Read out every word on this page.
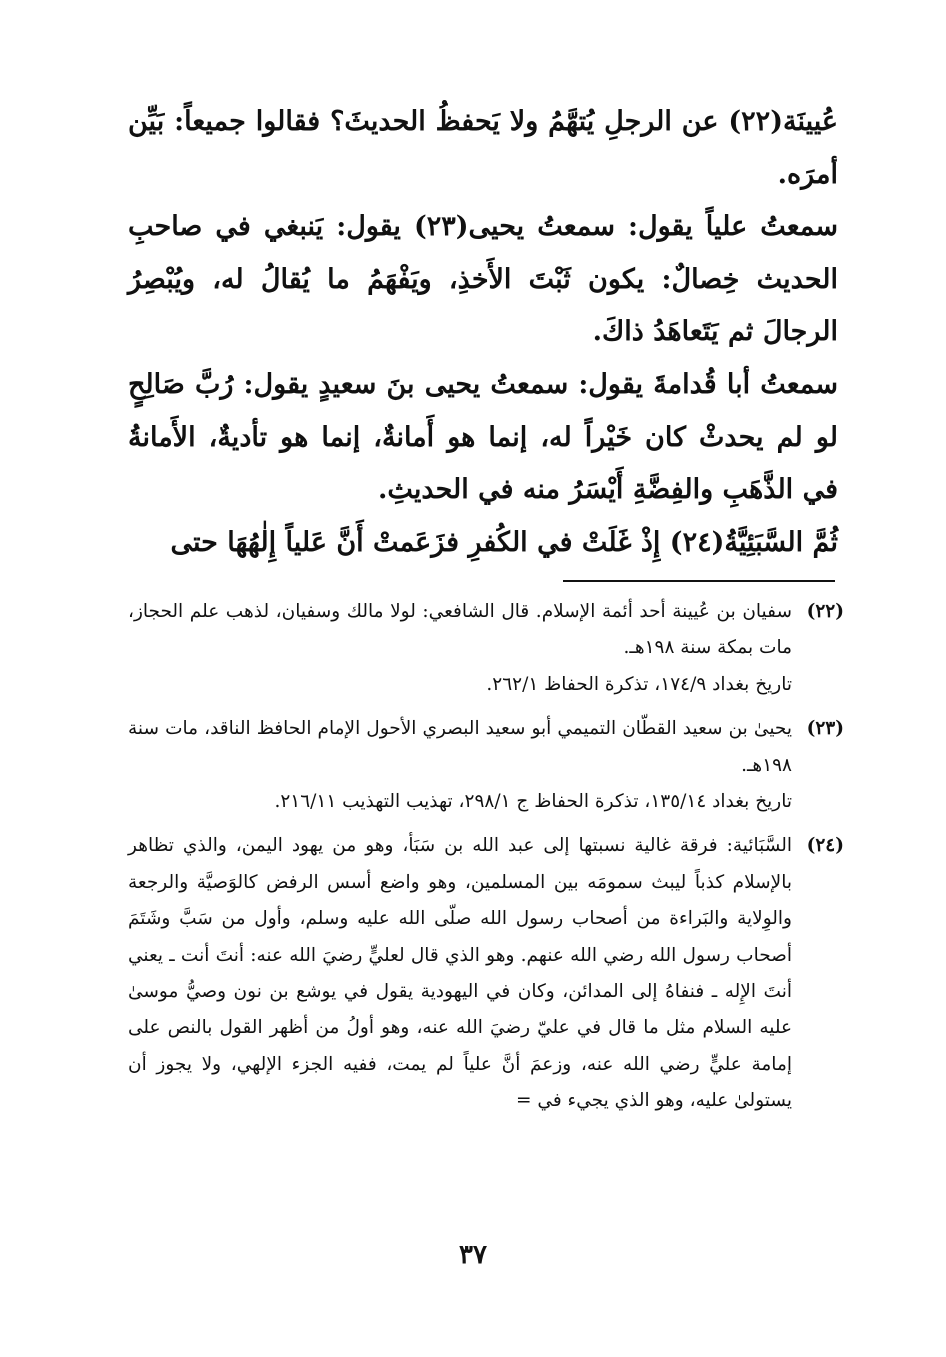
عُيينَة(٢٢) عن الرجلِ يُتهَّمُ ولا يَحفظُ الحديثَ؟ فقالوا جميعاً: بَيِّن أمرَه.

سمعتُ علياً يقول: سمعتُ يحيى(٢٣) يقول: يَنبغي في صاحبِ الحديث خِصالٌ: يكون ثَبْتَ الأَخذِ، ويَفْهَمُ ما يُقالُ له، ويُبْصِرُ الرجالَ ثم يَتَعاهَدُ ذاكَ.

سمعتُ أبا قُدامةَ يقول: سمعتُ يحيى بنَ سعيدٍ يقول: رُبَّ صَالِحٍ لو لم يحدثْ كان خَيْراً له، إنما هو أَمانةٌ، إنما هو تأديةٌ، الأَمانةُ في الذَّهَبِ والفِضَّةِ أَيْسَرُ منه في الحديثِ.

ثُمَّ السَّبَئِيَّةُ(٢٤) إِذْ غَلَتْ في الكُفرِ فزَعَمتْ أَنَّ عَلياً إِلٰهُهَا حتى

(٢٢)

سفيان بن عُيينة أحد أئمة الإسلام. قال الشافعي: لولا مالك وسفيان، لذهب علم الحجاز، مات بمكة سنة ١٩٨هـ.

تاريخ بغداد ١٧٤/٩، تذكرة الحفاظ ٢٦٢/١.

(٢٣)

يحيىٰ بن سعيد القطّان التميمي أبو سعيد البصري الأحول الإمام الحافظ الناقد، مات سنة ١٩٨هـ.

تاريخ بغداد ١٣٥/١٤، تذكرة الحفاظ ج ٢٩٨/١، تهذيب التهذيب ٢١٦/١١.

(٢٤)

السَّبَائية: فرقة غالية نسبتها إلى عبد الله بن سَبَأ، وهو من يهود اليمن، والذي تظاهر بالإسلام كذباً ليبث سمومَه بين المسلمين، وهو واضع أسس الرفض كالوَصيَّة والرجعة والوِلاية والبَراءة من أصحاب رسول الله صلّى الله عليه وسلم، وأول من سَبَّ وشَتَمَ أصحاب رسول الله رضي الله عنهم. وهو الذي قال لعليٍّ رضيَ الله عنه: أنتَ أنت ـ يعني أنتَ الإِله ـ فنفاهُ إلى المدائن، وكان في اليهودية يقول في يوشع بن نون وصيُّ موسىٰ عليه السلام مثل ما قال في عليّ رضيَ الله عنه، وهو أولُ من أظهر القول بالنص على إمامة عليٍّ رضي الله عنه، وزعمَ أنَّ علياً لم يمت، ففيه الجزء الإلهي، ولا يجوز أن يستولىٰ عليه، وهو الذي يجيء في =

٣٧
